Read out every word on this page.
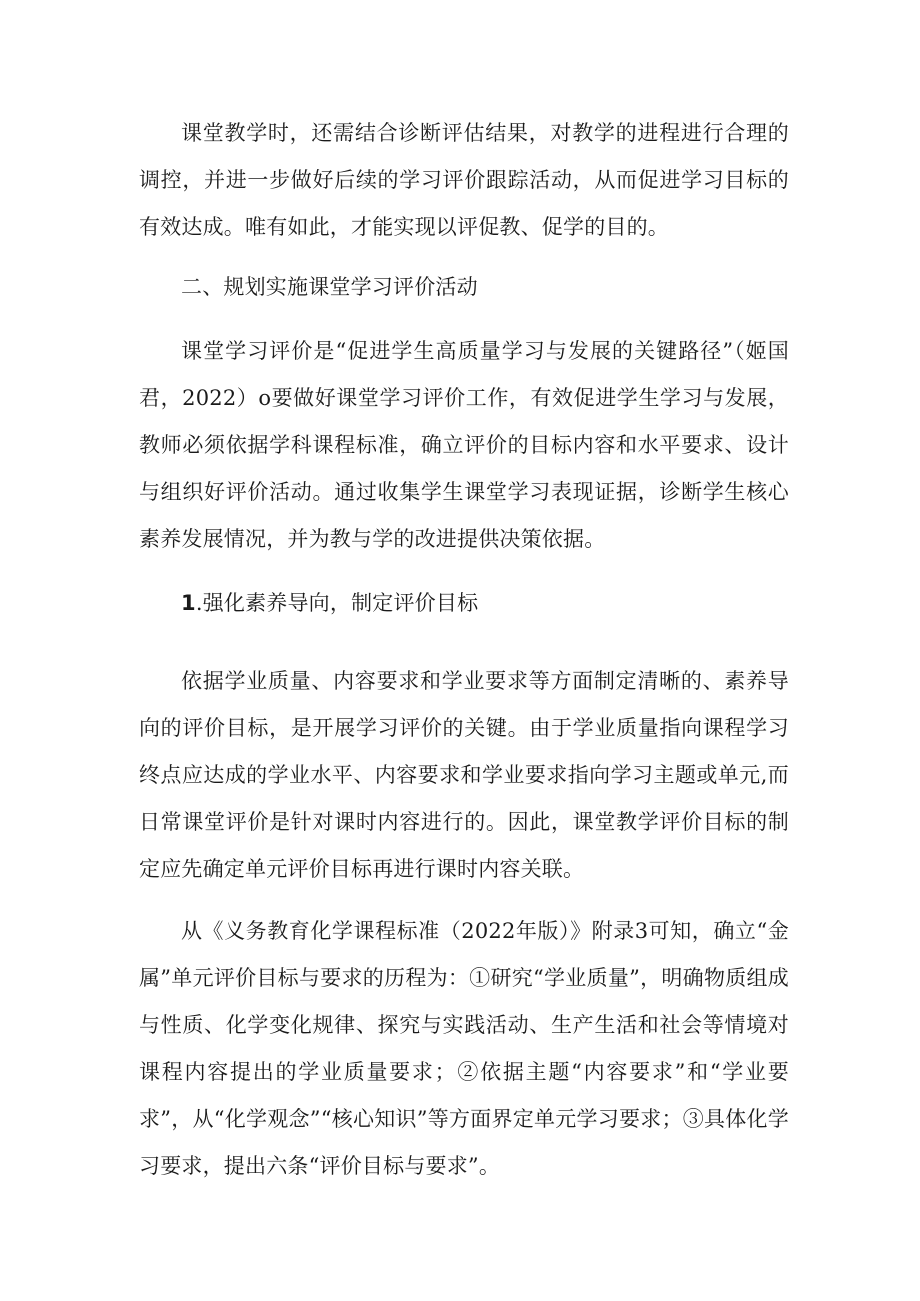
课堂教学时，还需结合诊断评估结果，对教学的进程进行合理的调控，并进一步做好后续的学习评价跟踪活动，从而促进学习目标的有效达成。唯有如此，才能实现以评促教、促学的目的。

二、规划实施课堂学习评价活动

课堂学习评价是“促进学生高质量学习与发展的关键路径”（姬国君，2022）o要做好课堂学习评价工作，有效促进学生学习与发展，教师必须依据学科课程标准，确立评价的目标内容和水平要求、设计与组织好评价活动。通过收集学生课堂学习表现证据，诊断学生核心素养发展情况，并为教与学的改进提供决策依据。

1.强化素养导向，制定评价目标

依据学业质量、内容要求和学业要求等方面制定清晰的、素养导向的评价目标，是开展学习评价的关键。由于学业质量指向课程学习终点应达成的学业水平、内容要求和学业要求指向学习主题或单元,而日常课堂评价是针对课时内容进行的。因此，课堂教学评价目标的制定应先确定单元评价目标再进行课时内容关联。

从《义务教育化学课程标准（2022年版）》附录3可知，确立“金属”单元评价目标与要求的历程为：①研究“学业质量”，明确物质组成与性质、化学变化规律、探究与实践活动、生产生活和社会等情境对课程内容提出的学业质量要求；②依据主题“内容要求”和“学业要求”，从“化学观念”“核心知识”等方面界定单元学习要求；③具体化学习要求，提出六条“评价目标与要求”。
